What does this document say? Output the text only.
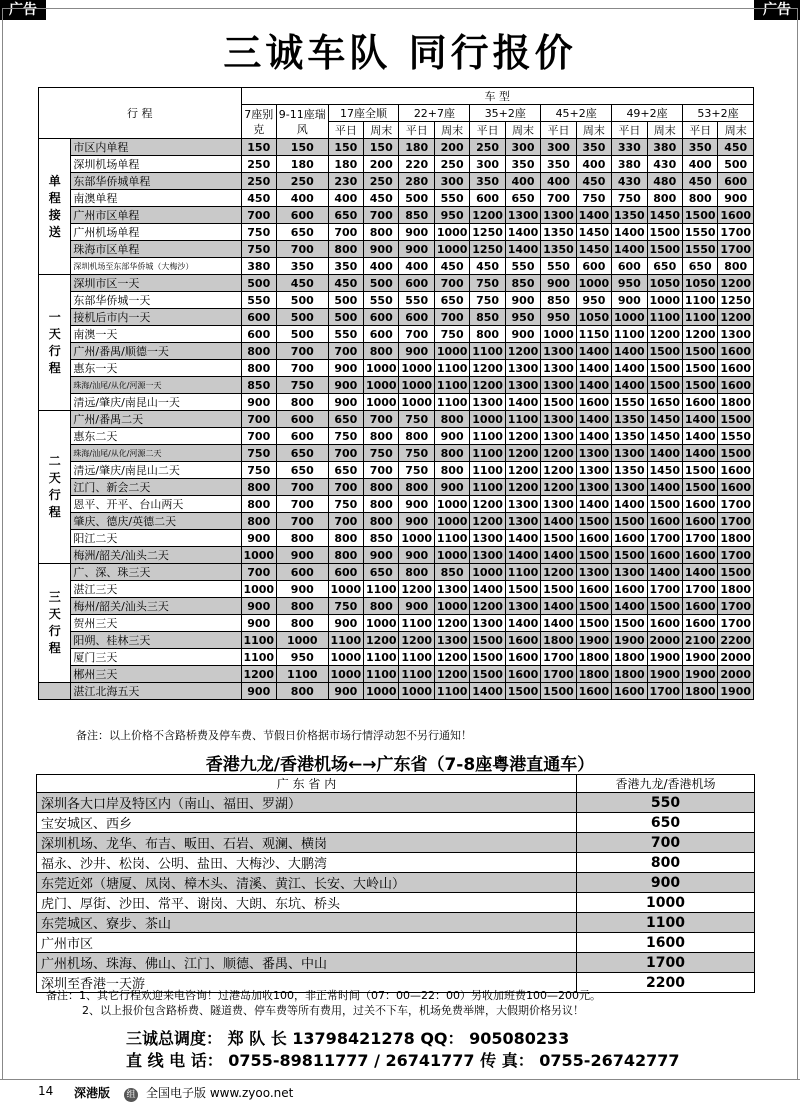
广告	广告
三诚车队 同行报价
行 程		车 型													
		7座别克	9-11座瑞风	17座全顺		22+7座		35+2座		45+2座		49+2座		53+2座	
				平日	周末	平日	周末	平日	周末	平日	周末	平日	周末	平日	周末
单程接送	市区内单程	150	150	150	150	180	200	250	300	300	350	330	380	350	450
	深圳机场单程	250	180	180	200	220	250	300	350	350	400	380	430	400	500
	东部华侨城单程	250	250	230	250	280	300	350	400	400	450	430	480	450	600
	南澳单程	450	400	400	450	500	550	600	650	700	750	750	800	800	900
	广州市区单程	700	600	650	700	850	950	1200	1300	1300	1400	1350	1450	1500	1600
	广州机场单程	750	650	700	800	900	1000	1250	1400	1350	1450	1400	1500	1550	1700
	珠海市区单程	750	700	800	900	900	1000	1250	1400	1350	1450	1400	1500	1550	1700
	深圳机场至东部华侨城（大梅沙）	380	350	350	400	400	450	450	550	550	600	600	650	650	800
一天行程	深圳市区一天	500	450	450	500	600	700	750	850	900	1000	950	1050	1050	1200
	东部华侨城一天	550	500	500	550	550	650	750	900	850	950	900	1000	1100	1250
	接机后市内一天	600	500	500	600	600	700	850	950	950	1050	1000	1100	1100	1200
	南澳一天	600	500	550	600	700	750	800	900	1000	1150	1100	1200	1200	1300
	广州/番禺/顺德一天	800	700	700	800	900	1000	1100	1200	1300	1400	1400	1500	1500	1600
	惠东一天	800	700	900	1000	1000	1100	1200	1300	1300	1400	1400	1500	1500	1600
	珠海/汕尾/从化/河源一天	850	750	900	1000	1000	1100	1200	1300	1300	1400	1400	1500	1500	1600
	清远/肇庆/南昆山一天	900	800	900	1000	1000	1100	1300	1400	1500	1600	1550	1650	1600	1800
二天行程	广州/番禺二天	700	600	650	700	750	800	1000	1100	1300	1400	1350	1450	1400	1500
	惠东二天	700	600	750	800	800	900	1100	1200	1300	1400	1350	1450	1400	1550
	珠海/汕尾/从化/河源二天	750	650	700	750	750	800	1100	1200	1200	1300	1300	1400	1400	1500
	清远/肇庆/南昆山二天	750	650	650	700	750	800	1100	1200	1200	1300	1350	1450	1500	1600
	江门、新会二天	800	700	700	800	800	900	1100	1200	1200	1300	1300	1400	1500	1600
	恩平、开平、台山两天	800	700	750	800	900	1000	1200	1300	1300	1400	1400	1500	1600	1700
	肇庆、德庆/英德二天	800	700	700	800	900	1000	1200	1300	1400	1500	1500	1600	1600	1700
	阳江二天	900	800	800	850	1000	1100	1300	1400	1500	1600	1600	1700	1700	1800
	梅洲/韶关/汕头二天	1000	900	800	900	900	1000	1300	1400	1400	1500	1500	1600	1600	1700
三天行程	广、深、珠三天	700	600	600	650	800	850	1000	1100	1200	1300	1300	1400	1400	1500
	湛江三天	1000	900	1000	1100	1200	1300	1400	1500	1500	1600	1600	1700	1700	1800
	梅州/韶关/汕头三天	900	800	750	800	900	1000	1200	1300	1400	1500	1400	1500	1600	1700
	贺州三天	900	800	900	1000	1100	1200	1300	1400	1400	1500	1500	1600	1600	1700
	阳朔、桂林三天	1100	1000	1100	1200	1200	1300	1500	1600	1800	1900	1900	2000	2100	2200
	厦门三天	1100	950	1000	1100	1100	1200	1500	1600	1700	1800	1800	1900	1900	2000
	郴州三天	1200	1100	1000	1100	1100	1200	1500	1600	1700	1800	1800	1900	1900	2000
	湛江北海五天	900	800	900	1000	1000	1100	1400	1500	1500	1600	1600	1700	1800	1900
备注：以上价格不含路桥费及停车费、节假日价格据市场行情浮动恕不另行通知！
香港九龙/香港机场←→广东省（7-8座粤港直通车）
广 东 省 内	香港九龙/香港机场
深圳各大口岸及特区内（南山、福田、罗湖）	550
宝安城区、西乡	650
深圳机场、龙华、布吉、畈田、石岩、观澜、横岗	700
福永、沙井、松岗、公明、盐田、大梅沙、大鹏湾	800
东莞近郊（塘厦、凤岗、樟木头、清溪、黄江、长安、大岭山）	900
虎门、厚街、沙田、常平、谢岗、大朗、东坑、桥头	1000
东莞城区、寮步、茶山	1100
广州市区	1600
广州机场、珠海、佛山、江门、顺德、番禺、中山	1700
深圳至香港一天游	2200
备注：1、其它行程欢迎来电咨询！过港岛加收100，非正常时间（07：00—22：00）另收加班费100—200元。
2、以上报价包含路桥费、隧道费、停车费等所有费用，过关不下车，机场免费举牌，大假期价格另议！
三诚总调度： 郑 队 长 13798421278 QQ： 905080233
直 线 电 话： 0755-89811777 / 26741777 传 真： 0755-26742777
14 深港版 组 全国电子版 www.zyoo.net
